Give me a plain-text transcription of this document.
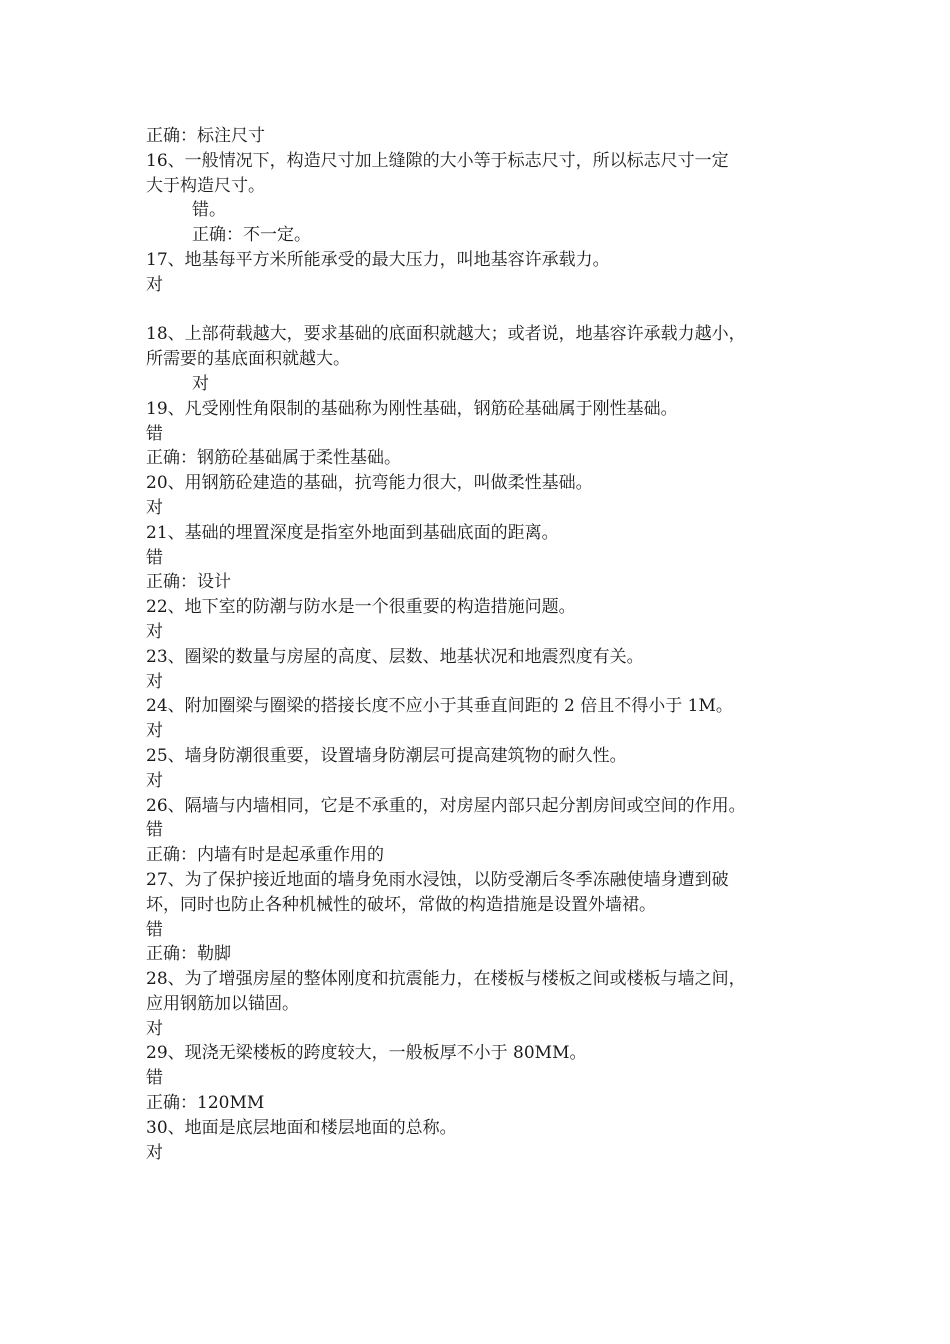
正确：标注尺寸
16、一般情况下，构造尺寸加上缝隙的大小等于标志尺寸，所以标志尺寸一定
大于构造尺寸。
错。
正确：不一定。
17、地基每平方米所能承受的最大压力，叫地基容许承载力。
对
18、上部荷载越大，要求基础的底面积就越大；或者说，地基容许承载力越小，
所需要的基底面积就越大。
对
19、凡受刚性角限制的基础称为刚性基础，钢筋砼基础属于刚性基础。
错
正确：钢筋砼基础属于柔性基础。
20、用钢筋砼建造的基础，抗弯能力很大，叫做柔性基础。
对
21、基础的埋置深度是指室外地面到基础底面的距离。
错
正确：设计
22、地下室的防潮与防水是一个很重要的构造措施问题。
对
23、圈梁的数量与房屋的高度、层数、地基状况和地震烈度有关。
对
24、附加圈梁与圈梁的搭接长度不应小于其垂直间距的 2 倍且不得小于 1M。
对
25、墙身防潮很重要，设置墙身防潮层可提高建筑物的耐久性。
对
26、隔墙与内墙相同，它是不承重的，对房屋内部只起分割房间或空间的作用。
错
正确：内墙有时是起承重作用的
27、为了保护接近地面的墙身免雨水浸蚀，以防受潮后冬季冻融使墙身遭到破
坏，同时也防止各种机械性的破坏，常做的构造措施是设置外墙裙。
错
正确：勒脚
28、为了增强房屋的整体刚度和抗震能力，在楼板与楼板之间或楼板与墙之间，
应用钢筋加以锚固。
对
29、现浇无梁楼板的跨度较大，一般板厚不小于 80MM。
错
正确：120MM
30、地面是底层地面和楼层地面的总称。
对
